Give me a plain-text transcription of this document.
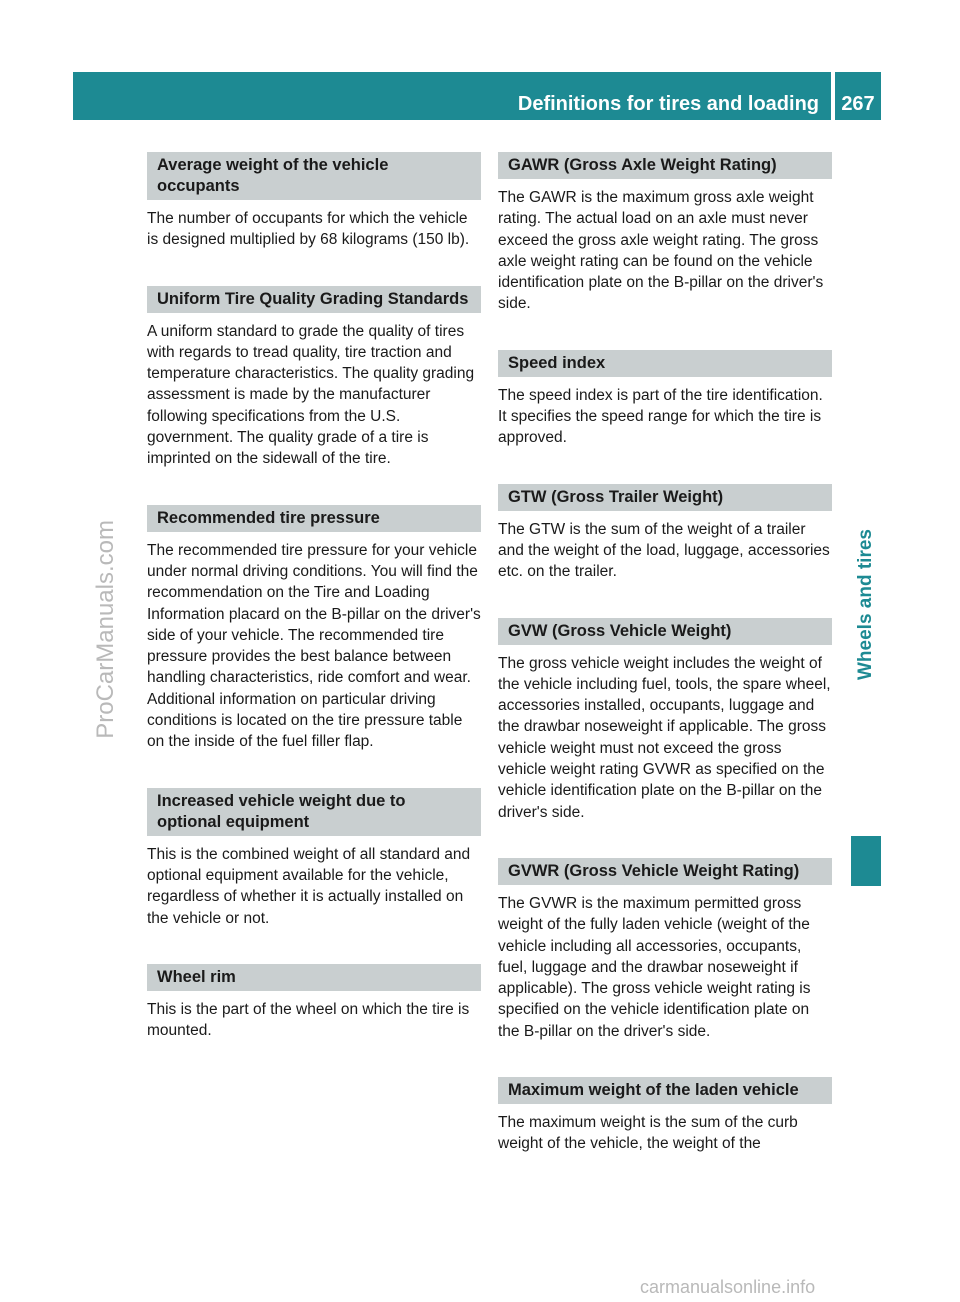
Definitions for tires and loading	267
Wheels and tires
ProCarManuals.com
carmanualsonline.info
Average weight of the vehicle occupants

The number of occupants for which the vehicle is designed multiplied by 68 kilograms (150 lb).

Uniform Tire Quality Grading Standards

A uniform standard to grade the quality of tires with regards to tread quality, tire traction and temperature characteristics. The quality grading assessment is made by the manufacturer following specifications from the U.S. government. The quality grade of a tire is imprinted on the sidewall of the tire.

Recommended tire pressure

The recommended tire pressure for your vehicle under normal driving conditions. You will find the recommendation on the Tire and Loading Information placard on the B-pillar on the driver's side of your vehicle. The recommended tire pressure provides the best balance between handling characteristics, ride comfort and wear. Additional information on particular driving conditions is located on the tire pressure table on the inside of the fuel filler flap.

Increased vehicle weight due to optional equipment

This is the combined weight of all standard and optional equipment available for the vehicle, regardless of whether it is actually installed on the vehicle or not.

Wheel rim

This is the part of the wheel on which the tire is mounted.

GAWR (Gross Axle Weight Rating)

The GAWR is the maximum gross axle weight rating. The actual load on an axle must never exceed the gross axle weight rating. The gross axle weight rating can be found on the vehicle identification plate on the B-pillar on the driver's side.

Speed index

The speed index is part of the tire identification. It specifies the speed range for which the tire is approved.

GTW (Gross Trailer Weight)

The GTW is the sum of the weight of a trailer and the weight of the load, luggage, accessories etc. on the trailer.

GVW (Gross Vehicle Weight)

The gross vehicle weight includes the weight of the vehicle including fuel, tools, the spare wheel, accessories installed, occupants, luggage and the drawbar noseweight if applicable. The gross vehicle weight must not exceed the gross vehicle weight rating GVWR as specified on the vehicle identification plate on the B-pillar on the driver's side.

GVWR (Gross Vehicle Weight Rating)

The GVWR is the maximum permitted gross weight of the fully laden vehicle (weight of the vehicle including all accessories, occupants, fuel, luggage and the drawbar noseweight if applicable). The gross vehicle weight rating is specified on the vehicle identification plate on the B-pillar on the driver's side.

Maximum weight of the laden vehicle

The maximum weight is the sum of the curb weight of the vehicle, the weight of the
